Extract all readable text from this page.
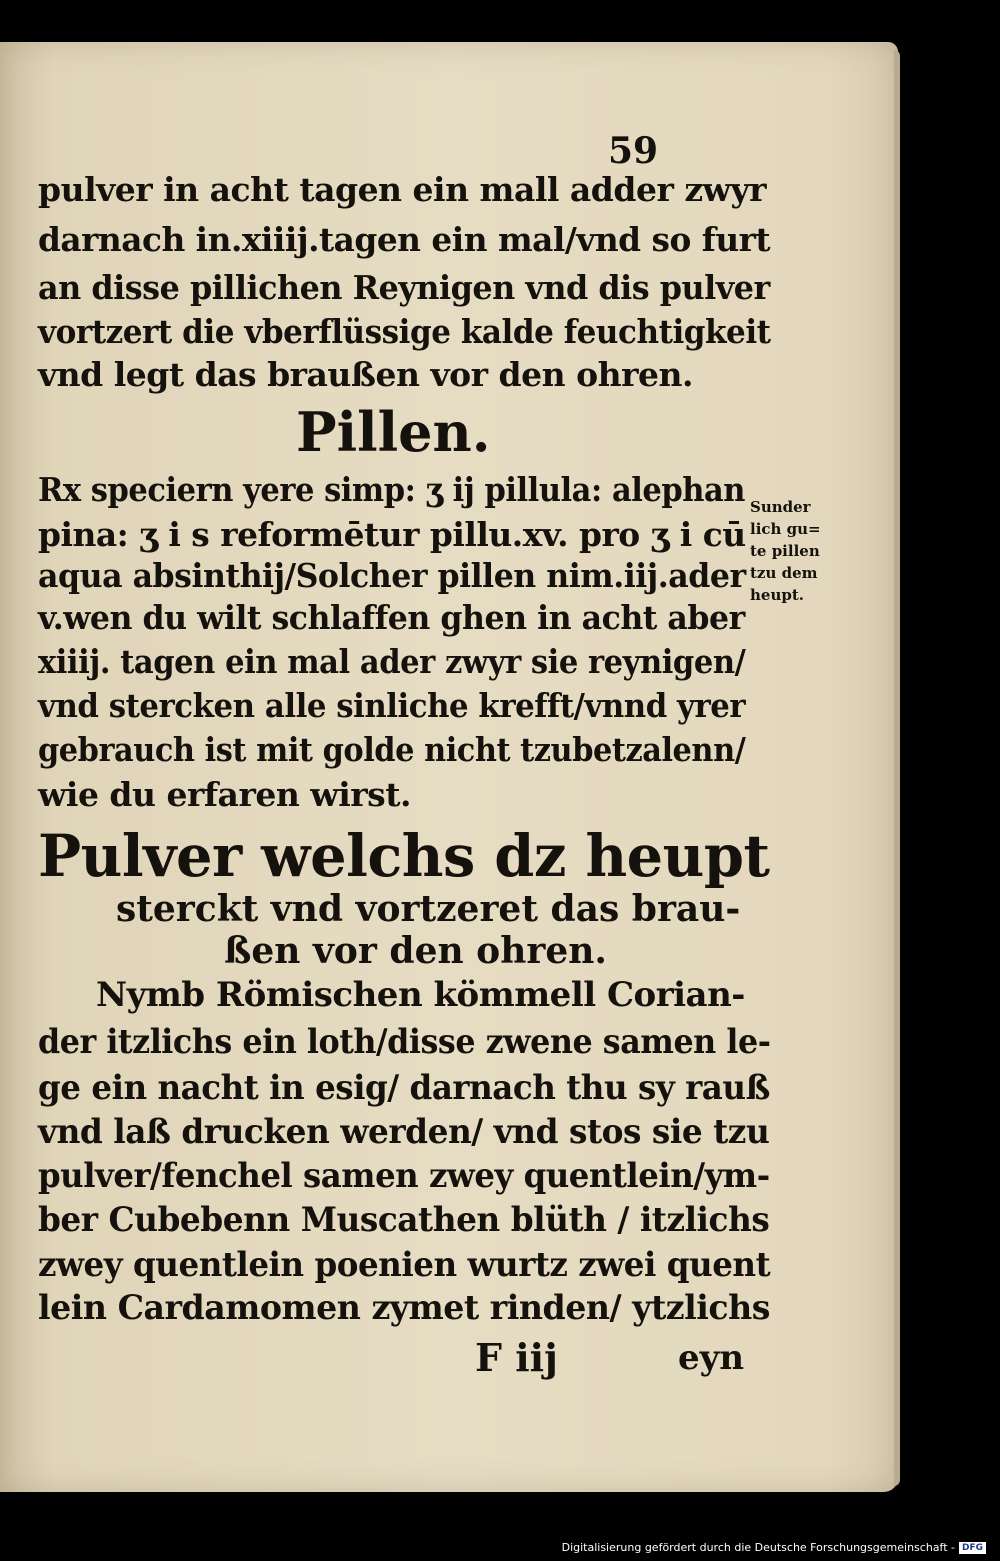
59
pulver in acht tagen ein mall adder zwyr
darnach in.xiiij.tagen ein mal/vnd so furt
an disse pillichen Reynigen vnd dis pulver
vortzert die vberflüssige kalde feuchtigkeit
vnd legt das braußen vor den ohren.
Pillen.
Rx speciern yere simp: ʒ ij pillula: alephan
pina: ʒ i s reformētur pillu.xv. pro ʒ i cū
aqua absinthij/Solcher pillen nim.iij.ader
v.wen du wilt schlaffen ghen in acht aber
xiiij. tagen ein mal ader zwyr sie reynigen/
vnd stercken alle sinliche krefft/vnnd yrer
gebrauch ist mit golde nicht tzubetzalenn/
wie du erfaren wirst.
Sunder
lich gu=
te pillen
tzu dem
heupt.
Pulver welchs dz heupt
sterckt vnd vortzeret das brau-
ßen vor den ohren.
Nymb Römischen kömmell Corian-
der itzlichs ein loth/disse zwene samen le-
ge ein nacht in esig/ darnach thu sy rauß
vnd laß drucken werden/ vnd stos sie tzu
pulver/fenchel samen zwey quentlein/ym-
ber Cubebenn Muscathen blüth / itzlichs
zwey quentlein poenien wurtz zwei quent
lein Cardamomen zymet rinden/ ytzlichs
F iij	eyn
Digitalisierung gefördert durch die Deutsche Forschungsgemeinschaft - DFG
